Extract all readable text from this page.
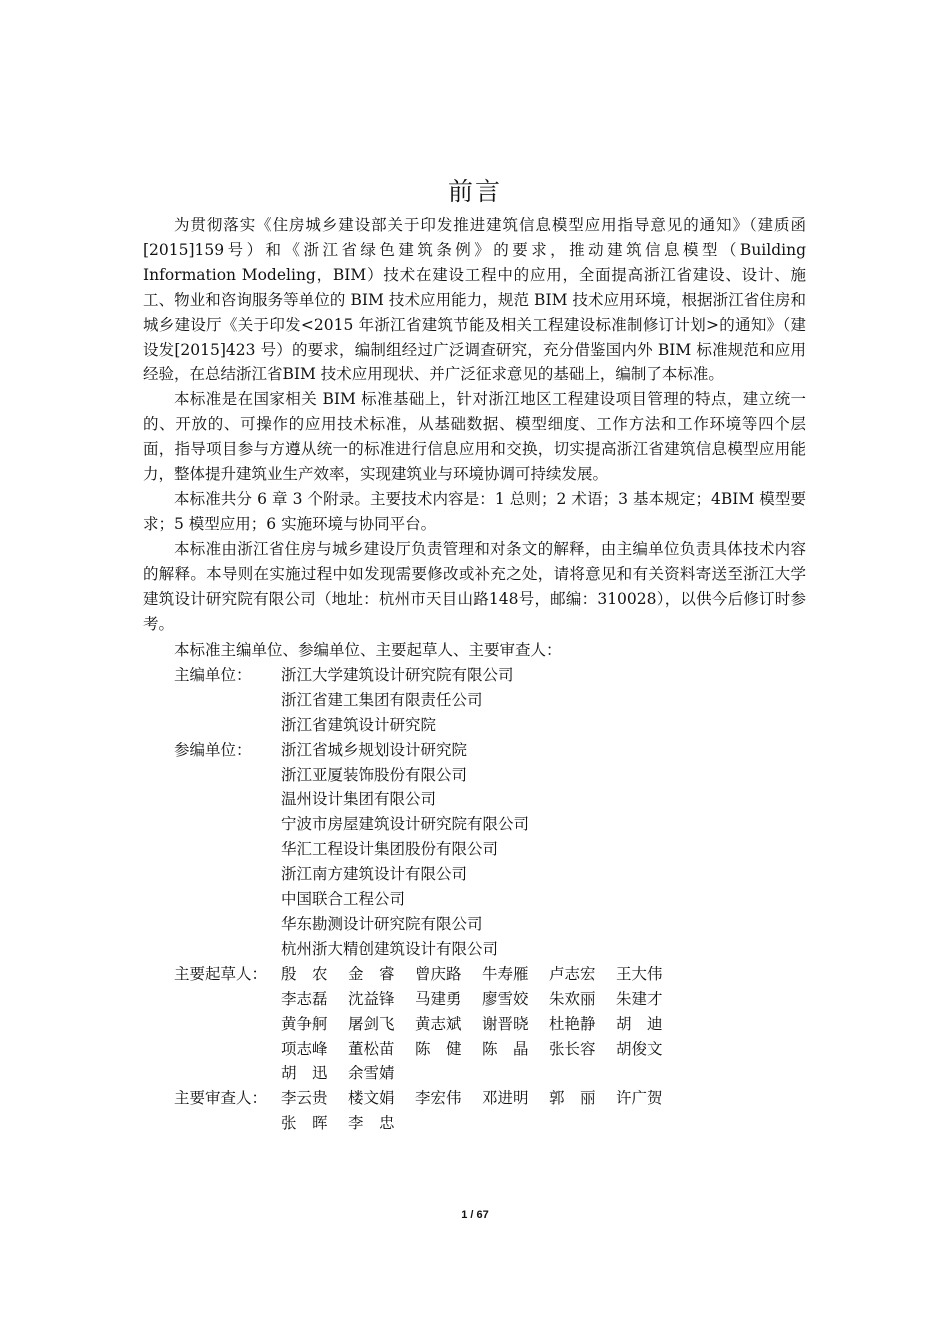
前言

为贯彻落实《住房城乡建设部关于印发推进建筑信息模型应用指导意见的通知》（建质函[2015]159号）和《浙江省绿色建筑条例》的要求，推动建筑信息模型（Building Information Modeling，BIM）技术在建设工程中的应用，全面提高浙江省建设、设计、施工、物业和咨询服务等单位的 BIM 技术应用能力，规范 BIM 技术应用环境，根据浙江省住房和城乡建设厅《关于印发<2015 年浙江省建筑节能及相关工程建设标准制修订计划>的通知》（建设发[2015]423 号）的要求，编制组经过广泛调查研究，充分借鉴国内外 BIM 标准规范和应用经验，在总结浙江省BIM 技术应用现状、并广泛征求意见的基础上，编制了本标准。

本标准是在国家相关 BIM 标准基础上，针对浙江地区工程建设项目管理的特点，建立统一的、开放的、可操作的应用技术标准，从基础数据、模型细度、工作方法和工作环境等四个层面，指导项目参与方遵从统一的标准进行信息应用和交换，切实提高浙江省建筑信息模型应用能力，整体提升建筑业生产效率，实现建筑业与环境协调可持续发展。

本标准共分 6 章 3 个附录。主要技术内容是：1 总则；2 术语；3 基本规定；4BIM 模型要求；5 模型应用；6 实施环境与协同平台。

本标准由浙江省住房与城乡建设厅负责管理和对条文的解释，由主编单位负责具体技术内容的解释。本导则在实施过程中如发现需要修改或补充之处，请将意见和有关资料寄送至浙江大学建筑设计研究院有限公司（地址：杭州市天目山路148号，邮编：310028），以供今后修订时参考。

本标准主编单位、参编单位、主要起草人、主要审查人：

主编单位：	浙江大学建筑设计研究院有限公司
浙江省建工集团有限责任公司
浙江省建筑设计研究院
参编单位：	浙江省城乡规划设计研究院
浙江亚厦装饰股份有限公司
温州设计集团有限公司
宁波市房屋建筑设计研究院有限公司
华汇工程设计集团股份有限公司
浙江南方建筑设计有限公司
中国联合工程公司
华东勘测设计研究院有限公司
杭州浙大精创建筑设计有限公司
主要起草人： 殷　农	金　睿	曾庆路	牛寿雁	卢志宏	王大伟
李志磊	沈益锋	马建勇	廖雪姣	朱欢丽	朱建才
黄争舸	屠剑飞	黄志斌	谢晋晓	杜艳静	胡　迪
项志峰	董松苗	陈　健	陈　晶	张长容	胡俊文
胡　迅	余雪婧
主要审查人： 李云贵	楼文娟	李宏伟	邓进明	郭　丽	许广贺
张　晖	李　忠
1 / 67
